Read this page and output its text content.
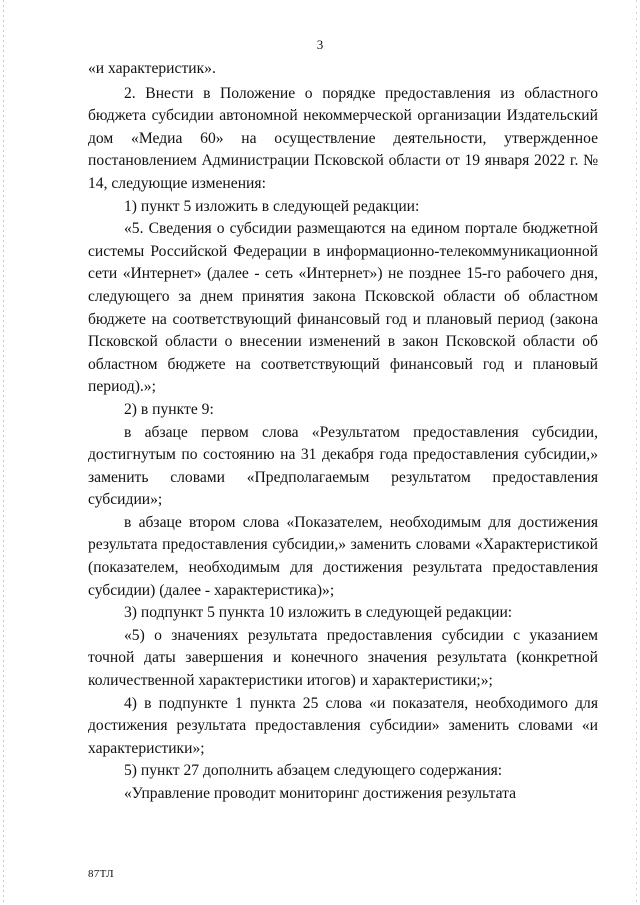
3

«и характеристик».

2. Внести в Положение о порядке предоставления из областного бюджета субсидии автономной некоммерческой организации Издательский дом «Медиа 60» на осуществление деятельности, утвержденное постановлением Администрации Псковской области от 19 января 2022 г. № 14, следующие изменения:

1) пункт 5 изложить в следующей редакции:

«5. Сведения о субсидии размещаются на едином портале бюджетной системы Российской Федерации в информационно-телекоммуникационной сети «Интернет» (далее - сеть «Интернет») не позднее 15-го рабочего дня, следующего за днем принятия закона Псковской области об областном бюджете на соответствующий финансовый год и плановый период (закона Псковской области о внесении изменений в закон Псковской области об областном бюджете на соответствующий финансовый год и плановый период).»;

2) в пункте 9:

в абзаце первом слова «Результатом предоставления субсидии, достигнутым по состоянию на 31 декабря года предоставления субсидии,» заменить словами «Предполагаемым результатом предоставления субсидии»;

в абзаце втором слова «Показателем, необходимым для достижения результата предоставления субсидии,» заменить словами «Характеристикой (показателем, необходимым для достижения результата предоставления субсидии) (далее - характеристика)»;

3) подпункт 5 пункта 10 изложить в следующей редакции:

«5) о значениях результата предоставления субсидии с указанием точной даты завершения и конечного значения результата (конкретной количественной характеристики итогов) и характеристики;»;

4) в подпункте 1 пункта 25 слова «и показателя, необходимого для достижения результата предоставления субсидии» заменить словами «и характеристики»;

5) пункт 27 дополнить абзацем следующего содержания:

«Управление проводит мониторинг достижения результата

87ТЛ
